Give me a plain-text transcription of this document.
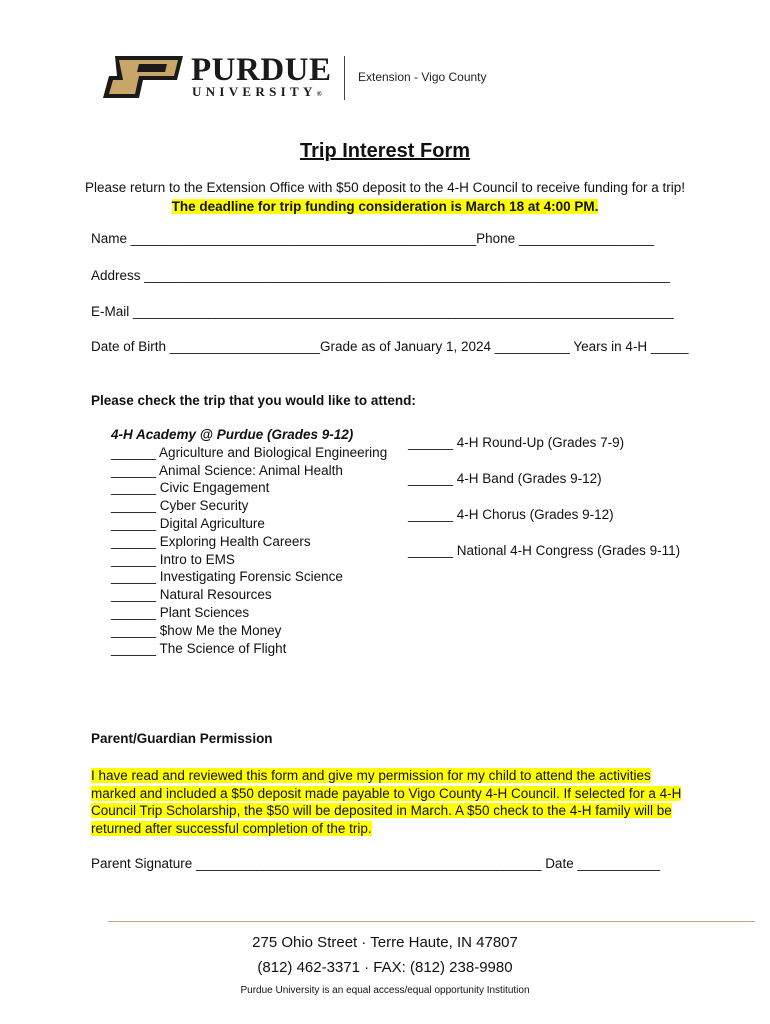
PURDUE
UNIVERSITY®
Extension - Vigo County
Trip Interest Form
Please return to the Extension Office with $50 deposit to the 4-H Council to receive funding for a trip!
The deadline for trip funding consideration is March 18 at 4:00 PM.
Name ______________________________________________Phone __________________
Address ______________________________________________________________________
E-Mail ________________________________________________________________________
Date of Birth ____________________Grade as of January 1, 2024 __________ Years in 4-H _____
Please check the trip that you would like to attend:
4-H Academy @ Purdue (Grades 9-12)
______ Agriculture and Biological Engineering
______ Animal Science: Animal Health
______ Civic Engagement
______ Cyber Security
______ Digital Agriculture
______ Exploring Health Careers
______ Intro to EMS
______ Investigating Forensic Science
______ Natural Resources
______ Plant Sciences
______ $how Me the Money
______ The Science of Flight
______ 4-H Round-Up (Grades 7-9)
______ 4-H Band (Grades 9-12)
______ 4-H Chorus (Grades 9-12)
______ National 4-H Congress (Grades 9-11)
Parent/Guardian Permission
I have read and reviewed this form and give my permission for my child to attend the activities marked and included a $50 deposit made payable to Vigo County 4-H Council. If selected for a 4-H Council Trip Scholarship, the $50 will be deposited in March. A $50 check to the 4-H family will be returned after successful completion of the trip.
Parent Signature ______________________________________________ Date ___________
275 Ohio Street · Terre Haute, IN 47807
(812) 462-3371 · FAX: (812) 238-9980
Purdue University is an equal access/equal opportunity Institution
